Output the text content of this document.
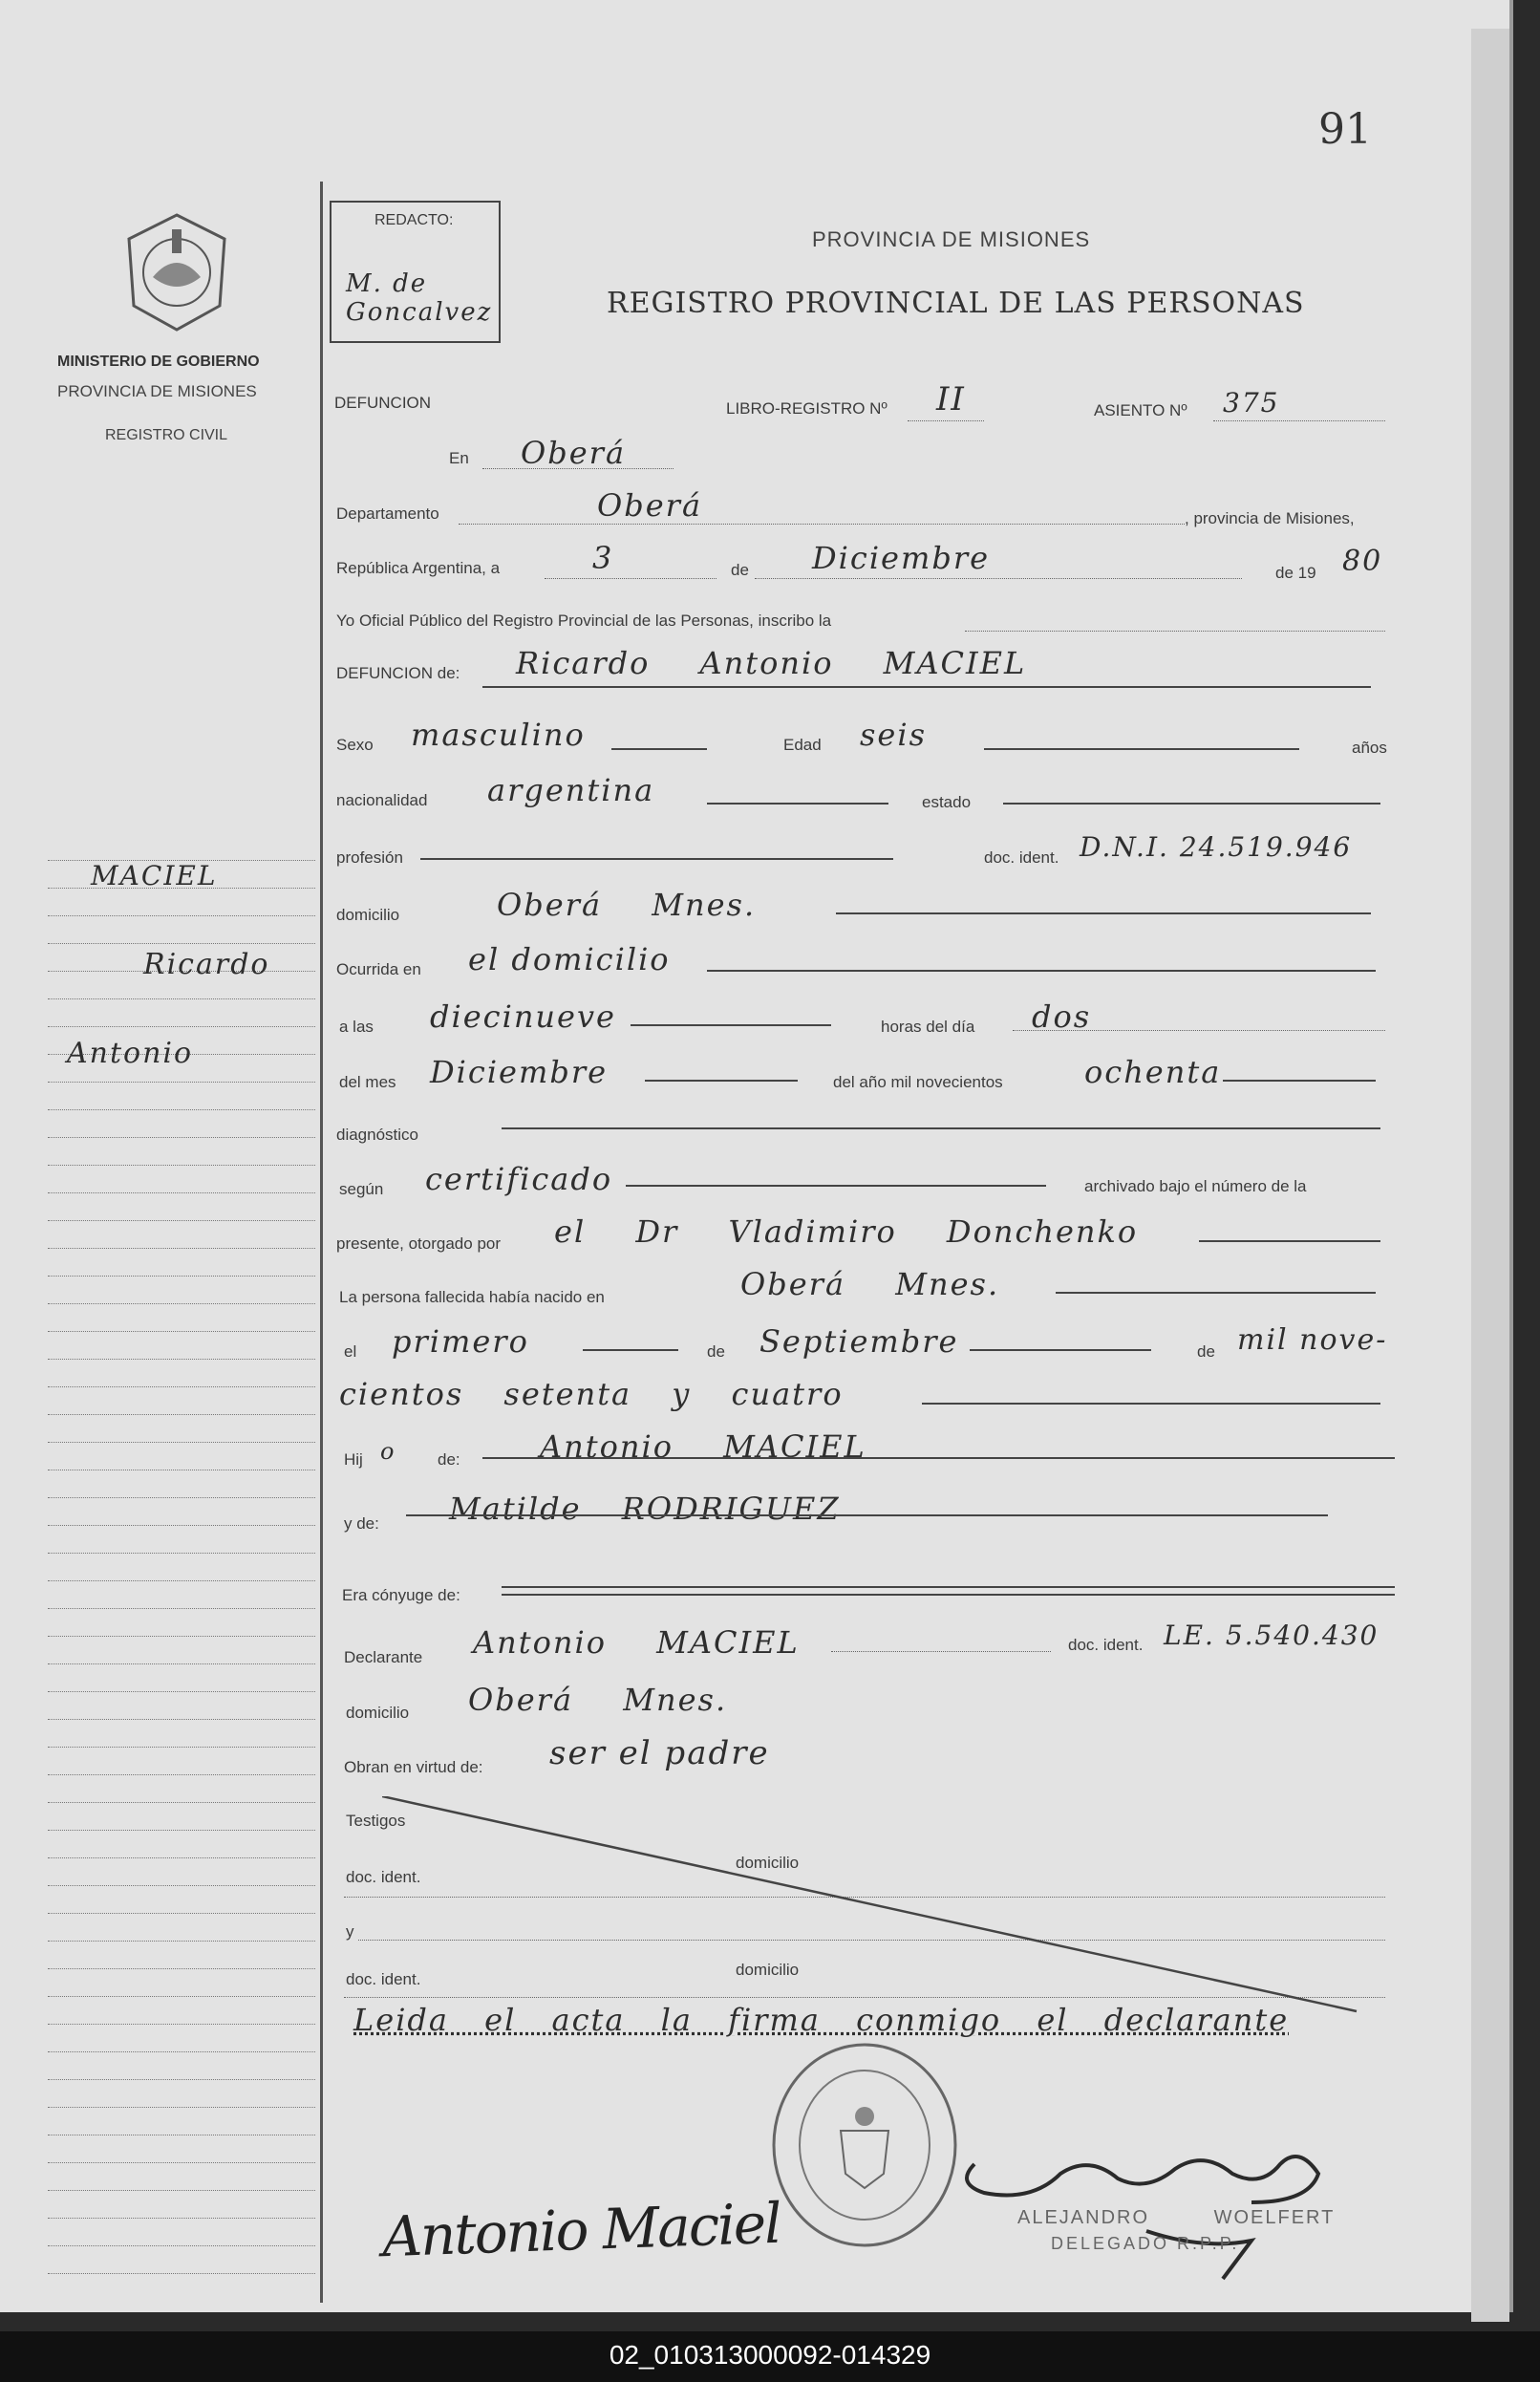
91
MINISTERIO DE GOBIERNO
PROVINCIA DE MISIONES
REGISTRO CIVIL
REDACTO:
M. de Goncalvez
PROVINCIA DE MISIONES
REGISTRO PROVINCIAL DE LAS PERSONAS
MACIEL
Ricardo
Antonio
DEFUNCION	LIBRO-REGISTRO Nº II	ASIENTO Nº 375
En Oberá
Departamento	Oberá	, provincia de Misiones,
República Argentina, a	3	de Diciembre	de 19 80
Yo Oficial Público del Registro Provincial de las Personas, inscribo la
DEFUNCION de: Ricardo Antonio MACIEL
Sexo masculino	Edad seis	años
nacionalidad argentina	estado
profesión	doc. ident. D.N.I. 24.519.946
domicilio	Oberá Mnes.
Ocurrida en el domicilio
a las diecinueve	horas del día dos
del mes Diciembre	del año mil novecientos	ochenta
diagnóstico
según certificado	archivado bajo el número de la
presente, otorgado por el Dr Vladimiro Donchenko
La persona fallecida había nacido en	Oberá Mnes.
el primero	de Septiembre	de mil nove-
cientos setenta y cuatro
Hij o	de:	Antonio MACIEL
y de: Matilde RODRIGUEZ
Era cónyuge de:
Declarante Antonio MACIEL	doc. ident. LE. 5.540.430
domicilio Oberá Mnes.
Obran en virtud de: ser el padre
Testigos
doc. ident.
domicilio
y
doc. ident.
domicilio
Leida el acta la firma conmigo el declarante
ALEJANDRO WOELFERT
DELEGADO R.P.P.
Antonio Maciel
02_010313000092-014329
